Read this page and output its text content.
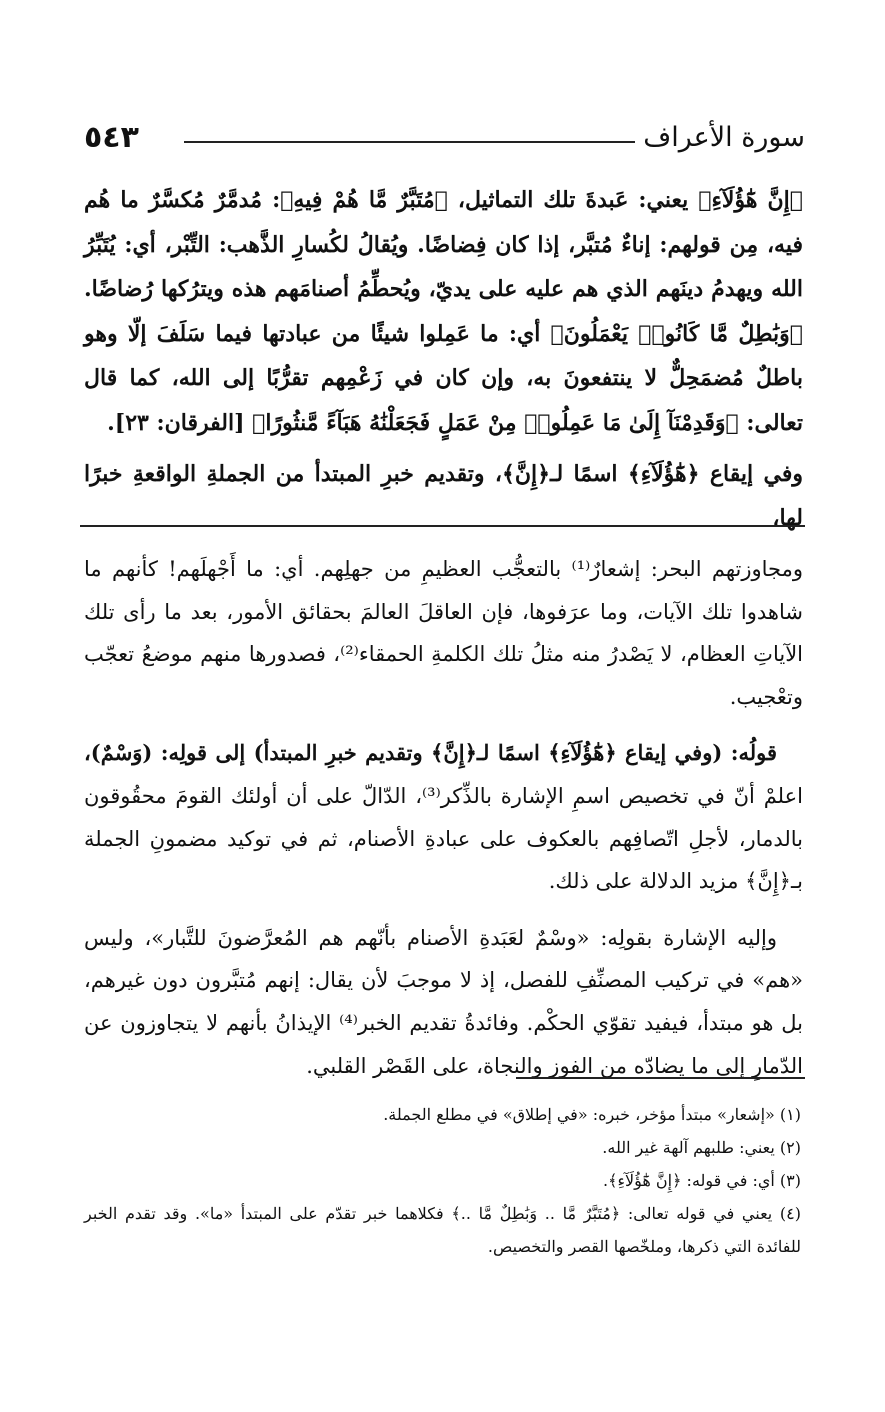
سورة الأعراف
٥٤٣

﴿إِنَّ هَٰٓؤُلَآءِ﴾ يعني: عَبدةَ تلك التماثيل، ﴿مُتَبَّرٌ مَّا هُمْ فِيهِ﴾: مُدمَّرٌ مُكسَّرٌ ما هُم فيه، مِن قولهم: إناءٌ مُتبَّر، إذا كان فِضاضًا. ويُقالُ لكُسارِ الذَّهب: التِّبْر، أي: يُتَبِّرُ الله ويهدمُ دينَهم الذي هم عليه على يديّ، ويُحطِّمُ أصنامَهم هذه ويترُكها رُضاضًا. ﴿وَبَٰطِلٌ مَّا كَانُوا۟ يَعْمَلُونَ﴾ أي: ما عَمِلوا شيئًا من عبادتها فيما سَلَفَ إلّا وهو باطلٌ مُضمَحِلٌّ لا ينتفعونَ به، وإن كان في زَعْمِهم تقرُّبًا إلى الله، كما قال تعالى: ﴿وَقَدِمْنَآ إِلَىٰ مَا عَمِلُوا۟ مِنْ عَمَلٍ فَجَعَلْنَٰهُ هَبَآءً مَّنثُورًا﴾ [الفرقان: ٢٣].

وفي إيقاع ﴿هَٰٓؤُلَآءِ﴾ اسمًا لـ﴿إِنَّ﴾، وتقديم خبرِ المبتدأ من الجملةِ الواقعةِ خبرًا لها،

ومجاوزتهم البحر: إشعارٌ⁽¹⁾ بالتعجُّب العظيمِ من جهلِهم. أي: ما أَجْهلَهم! كأنهم ما شاهدوا تلك الآيات، وما عرَفوها، فإن العاقلَ العالمَ بحقائق الأمور، بعد ما رأى تلك الآياتِ العظام، لا يَصْدرُ منه مثلُ تلك الكلمةِ الحمقاء⁽²⁾، فصدورها منهم موضعُ تعجّب وتعْجيب.

قولُه: (وفي إيقاع ﴿هَٰٓؤُلَآءِ﴾ اسمًا لـ﴿إِنَّ﴾ وتقديم خبرِ المبتدأ) إلى قولِه: (وَسْمٌ)، اعلمْ أنّ في تخصيص اسمِ الإشارة بالذِّكر⁽³⁾، الدّالّ على أن أولئك القومَ محقُوقون بالدمار، لأجلِ اتّصافِهم بالعكوف على عبادةِ الأصنام، ثم في توكيد مضمونِ الجملة بـ﴿إِنَّ﴾ مزيد الدلالة على ذلك.

وإليه الإشارة بقولِه: «وسْمٌ لعَبَدةِ الأصنام بأنّهم هم المُعرَّضونَ للتَّبار»، وليس «هم» في تركيب المصنِّفِ للفصل، إذ لا موجبَ لأن يقال: إنهم مُتبَّرون دون غيرهم، بل هو مبتدأ، فيفيد تقوّي الحكْم. وفائدةُ تقديم الخبر⁽⁴⁾ الإيذانُ بأنهم لا يتجاوزون عن الدّمارِ إلى ما يضادّه من الفوز والنجاة، على القَصْر القلبي.

(١) «إشعار» مبتدأ مؤخر، خبره: «في إطلاق» في مطلع الجملة.

(٢) يعني: طلبهم آلهة غير الله.

(٣) أي: في قوله: ﴿إِنَّ هَٰٓؤُلَآءِ﴾.

(٤) يعني في قوله تعالى: ﴿مُتَبَّرٌ مَّا .. وَبَٰطِلٌ مَّا ..﴾ فكلاهما خبر تقدّم على المبتدأ «ما». وقد تقدم الخبر للفائدة التي ذكرها، وملخّصها القصر والتخصيص.
